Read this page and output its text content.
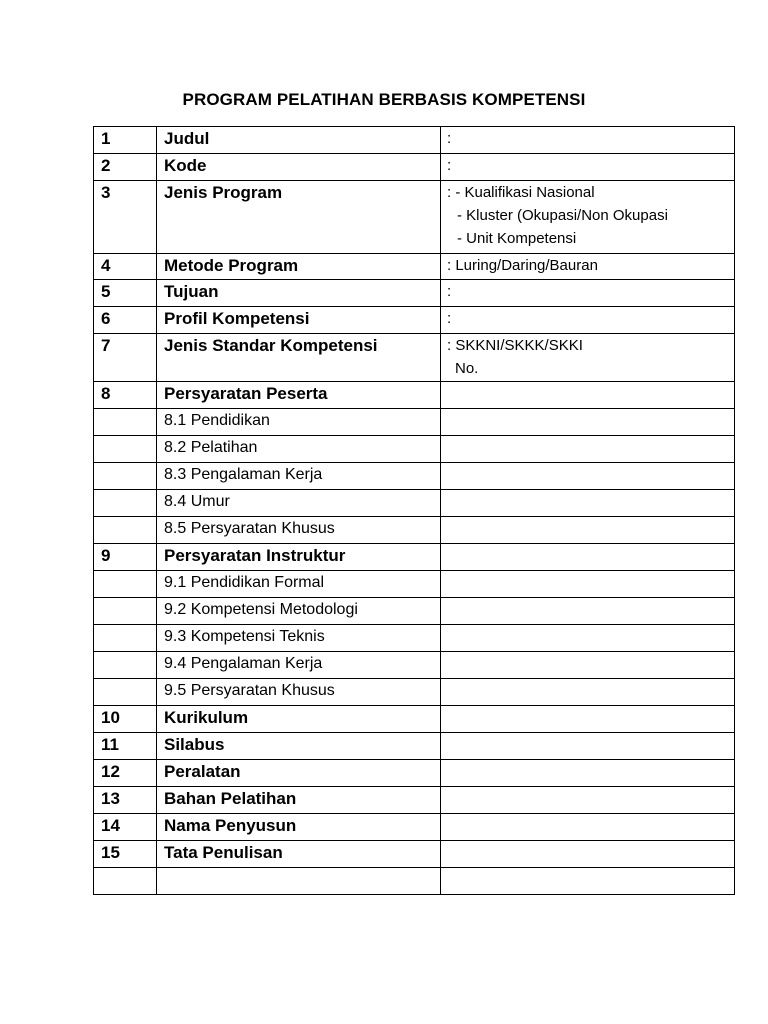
PROGRAM PELATIHAN BERBASIS KOMPETENSI
1	Judul	:

2	Kode	:

3	Jenis Program	: - Kualifikasi Nasional
- Kluster (Okupasi/Non Okupasi
- Unit Kompetensi

4	Metode Program	: Luring/Daring/Bauran

5	Tujuan	:

6	Profil Kompetensi	:

7	Jenis Standar Kompetensi	: SKKNI/SKKK/SKKI
No.

8	Persyaratan Peserta	
	8.1 Pendidikan	
	8.2 Pelatihan	
	8.3 Pengalaman Kerja	
	8.4 Umur	
	8.5 Persyaratan Khusus	
9	Persyaratan Instruktur	
	9.1 Pendidikan Formal	
	9.2 Kompetensi Metodologi	
	9.3 Kompetensi Teknis	
	9.4 Pengalaman Kerja	
	9.5 Persyaratan Khusus	
10	Kurikulum	
11	Silabus	
12	Peralatan	
13	Bahan Pelatihan	
14	Nama Penyusun	
15	Tata Penulisan	
